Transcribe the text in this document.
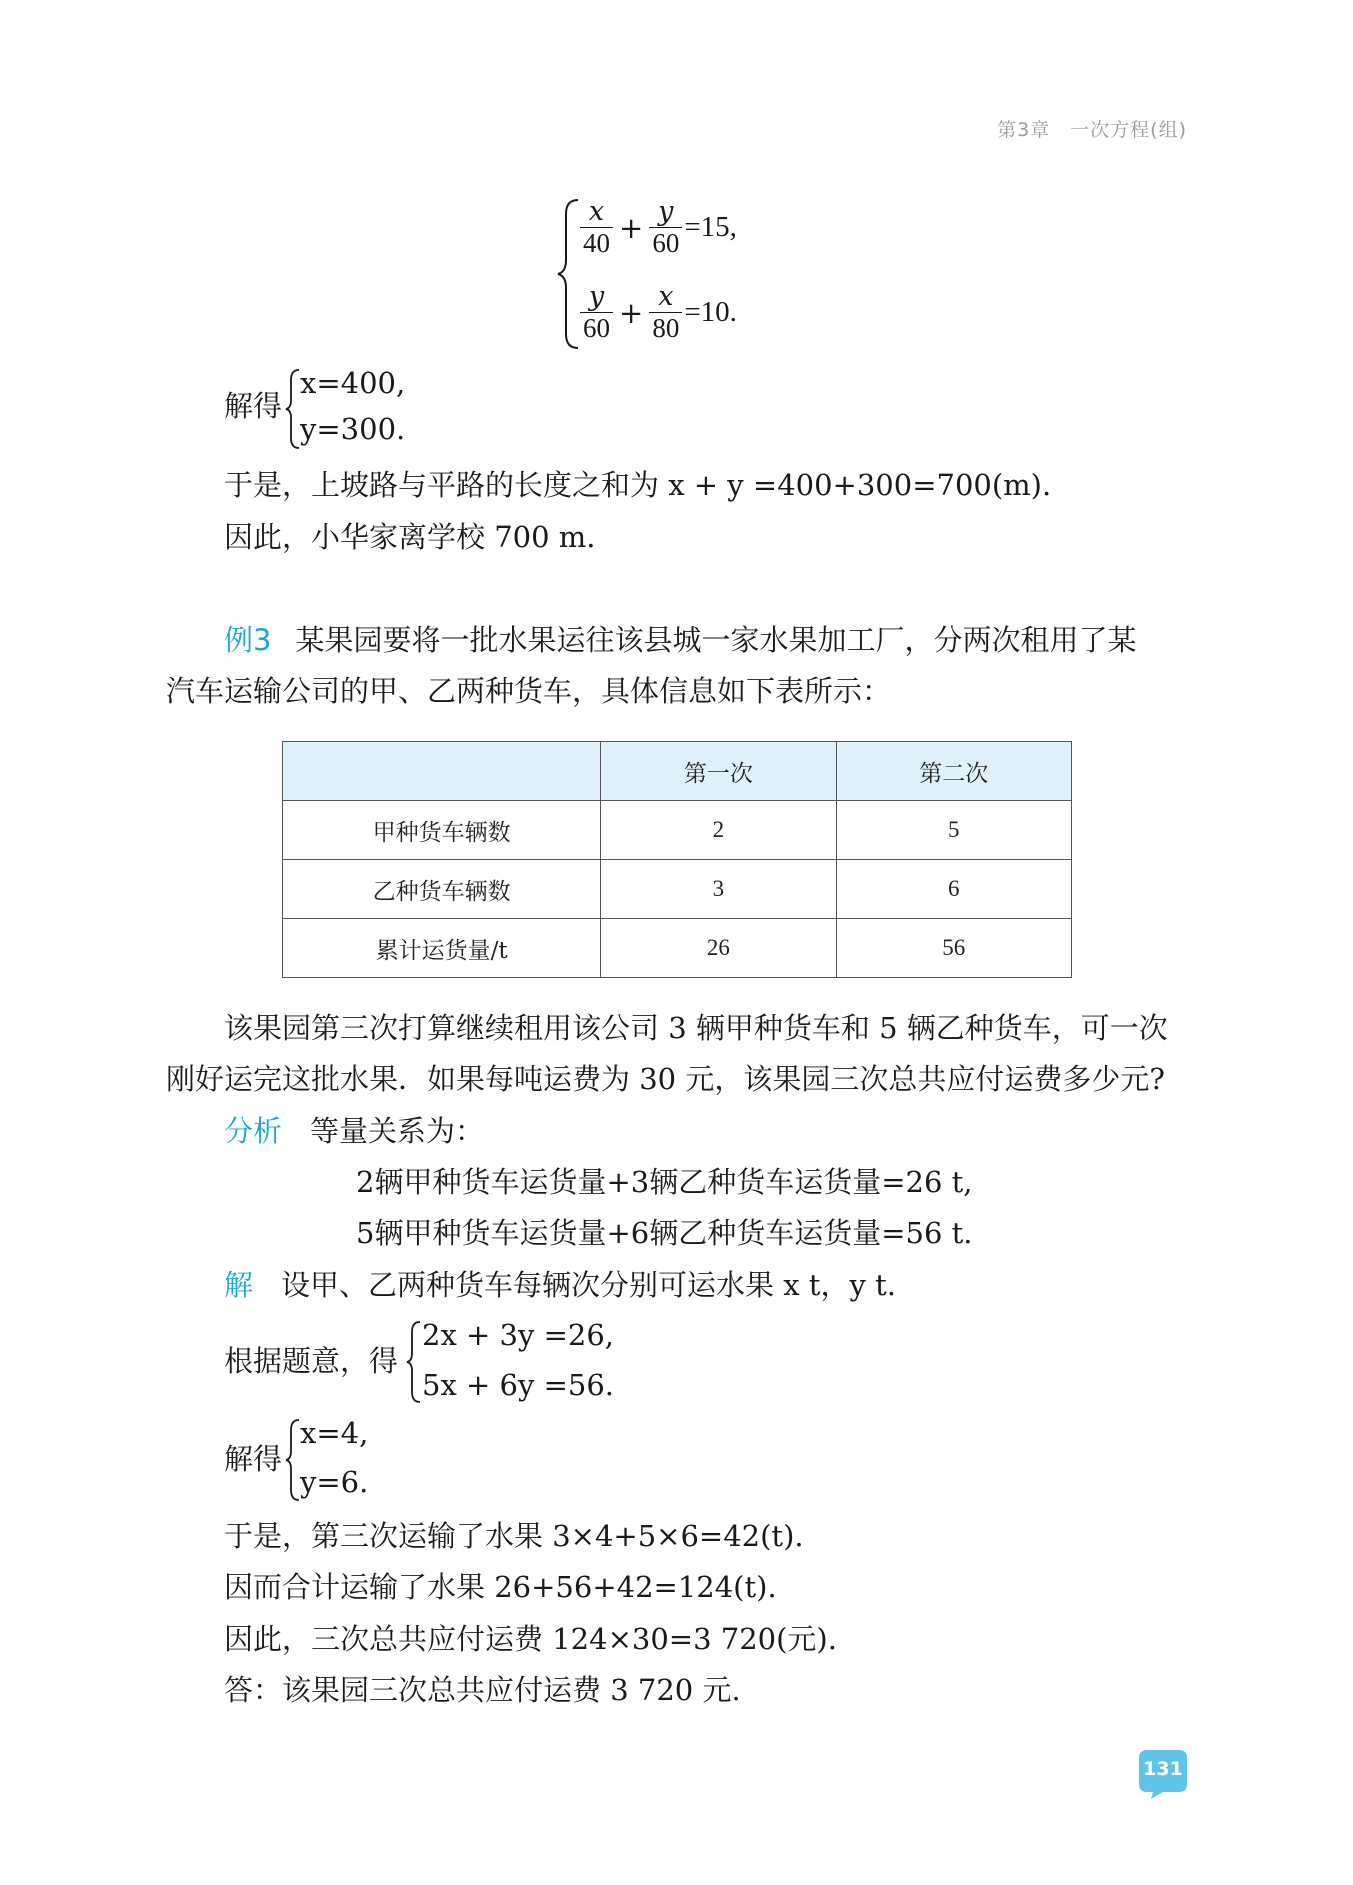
第3章 一次方程(组)
$\frac{x}{40} + \frac{y}{60} =15$,
$\frac{y}{60} + \frac{x}{80} =10$.
解得
x=400,
y=300.
于是，上坡路与平路的长度之和为 x + y =400+300=700(m).
因此，小华家离学校 700 m.
例3 某果园要将一批水果运往该县城一家水果加工厂，分两次租用了某
汽车运输公司的甲、乙两种货车，具体信息如下表所示：
	第一次	第二次
甲种货车辆数	2	5
乙种货车辆数	3	6
累计运货量/t	26	56
该果园第三次打算继续租用该公司 3 辆甲种货车和 5 辆乙种货车，可一次
刚好运完这批水果．如果每吨运费为 30 元，该果园三次总共应付运费多少元?
分析 等量关系为：
2辆甲种货车运货量+3辆乙种货车运货量=26 t,
5辆甲种货车运货量+6辆乙种货车运货量=56 t.
解 设甲、乙两种货车每辆次分别可运水果 x t，y t.
根据题意，得
2x + 3y =26,
5x + 6y =56.
解得
x=4,
y=6.
于是，第三次运输了水果 3×4+5×6=42(t).
因而合计运输了水果 26+56+42=124(t).
因此，三次总共应付运费 124×30=3 720(元).
答：该果园三次总共应付运费 3 720 元.
131
